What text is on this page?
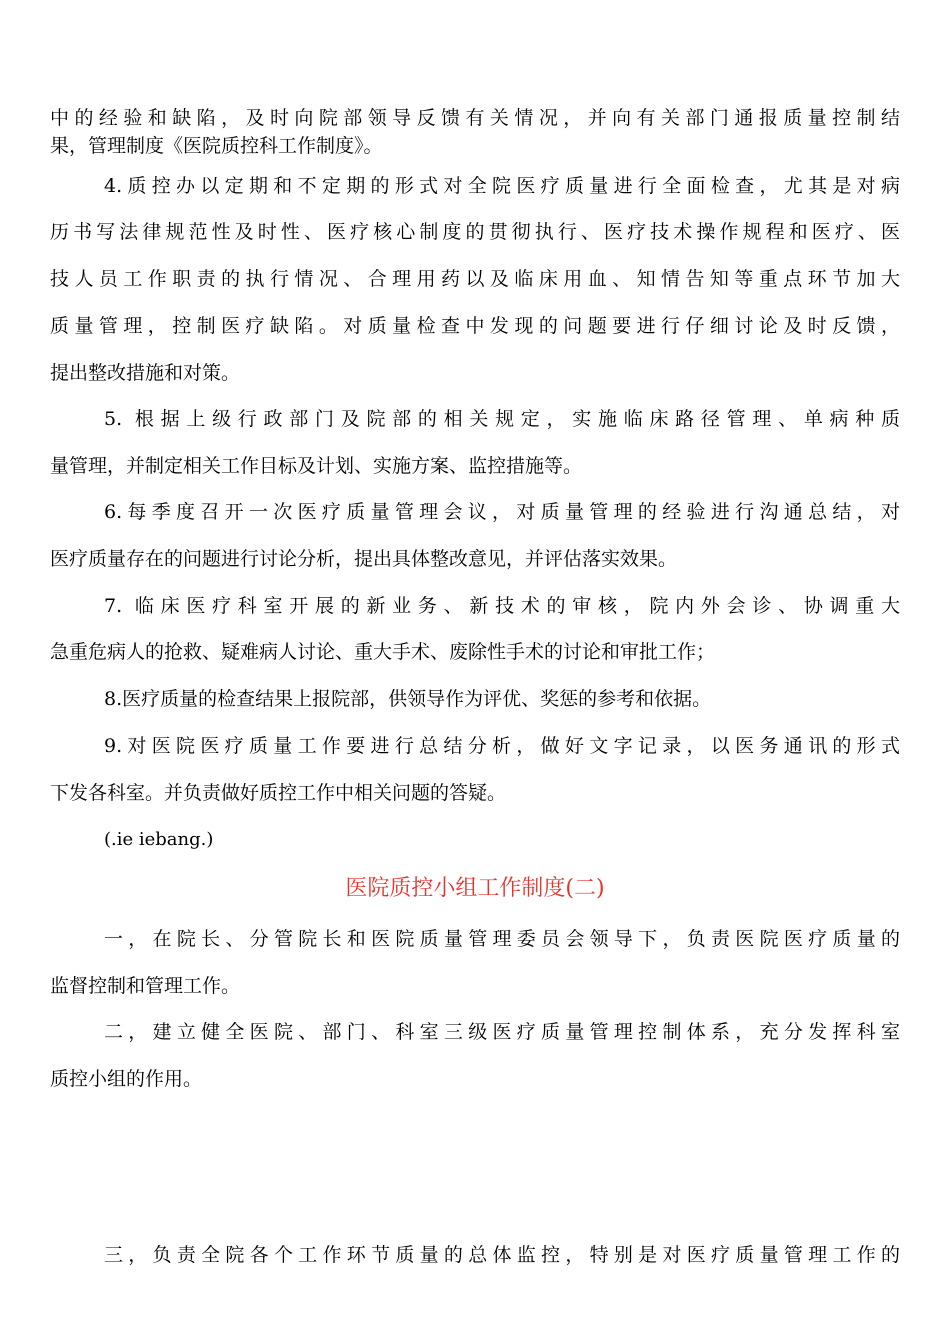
中的经验和缺陷，及时向院部领导反馈有关情况，并向有关部门通报质量控制结
果，管理制度《医院质控科工作制度》。
4.质控办以定期和不定期的形式对全院医疗质量进行全面检查，尤其是对病
历书写法律规范性及时性、医疗核心制度的贯彻执行、医疗技术操作规程和医疗、医
技人员工作职责的执行情况、合理用药以及临床用血、知情告知等重点环节加大
质量管理，控制医疗缺陷。对质量检查中发现的问题要进行仔细讨论及时反馈，
提出整改措施和对策。
5. 根据上级行政部门及院部的相关规定，实施临床路径管理、单病种质
量管理，并制定相关工作目标及计划、实施方案、监控措施等。
6.每季度召开一次医疗质量管理会议，对质量管理的经验进行沟通总结，对
医疗质量存在的问题进行讨论分析，提出具体整改意见，并评估落实效果。
7. 临床医疗科室开展的新业务、新技术的审核，院内外会诊、协调重大
急重危病人的抢救、疑难病人讨论、重大手术、废除性手术的讨论和审批工作；
8.医疗质量的检查结果上报院部，供领导作为评优、奖惩的参考和依据。
9.对医院医疗质量工作要进行总结分析，做好文字记录，以医务通讯的形式
下发各科室。并负责做好质控工作中相关问题的答疑。
(.ie iebang.)
医院质控小组工作制度(二)
一，在院长、分管院长和医院质量管理委员会领导下，负责医院医疗质量的
监督控制和管理工作。
二，建立健全医院、部门、科室三级医疗质量管理控制体系，充分发挥科室
质控小组的作用。
三，负责全院各个工作环节质量的总体监控，特别是对医疗质量管理工作的
